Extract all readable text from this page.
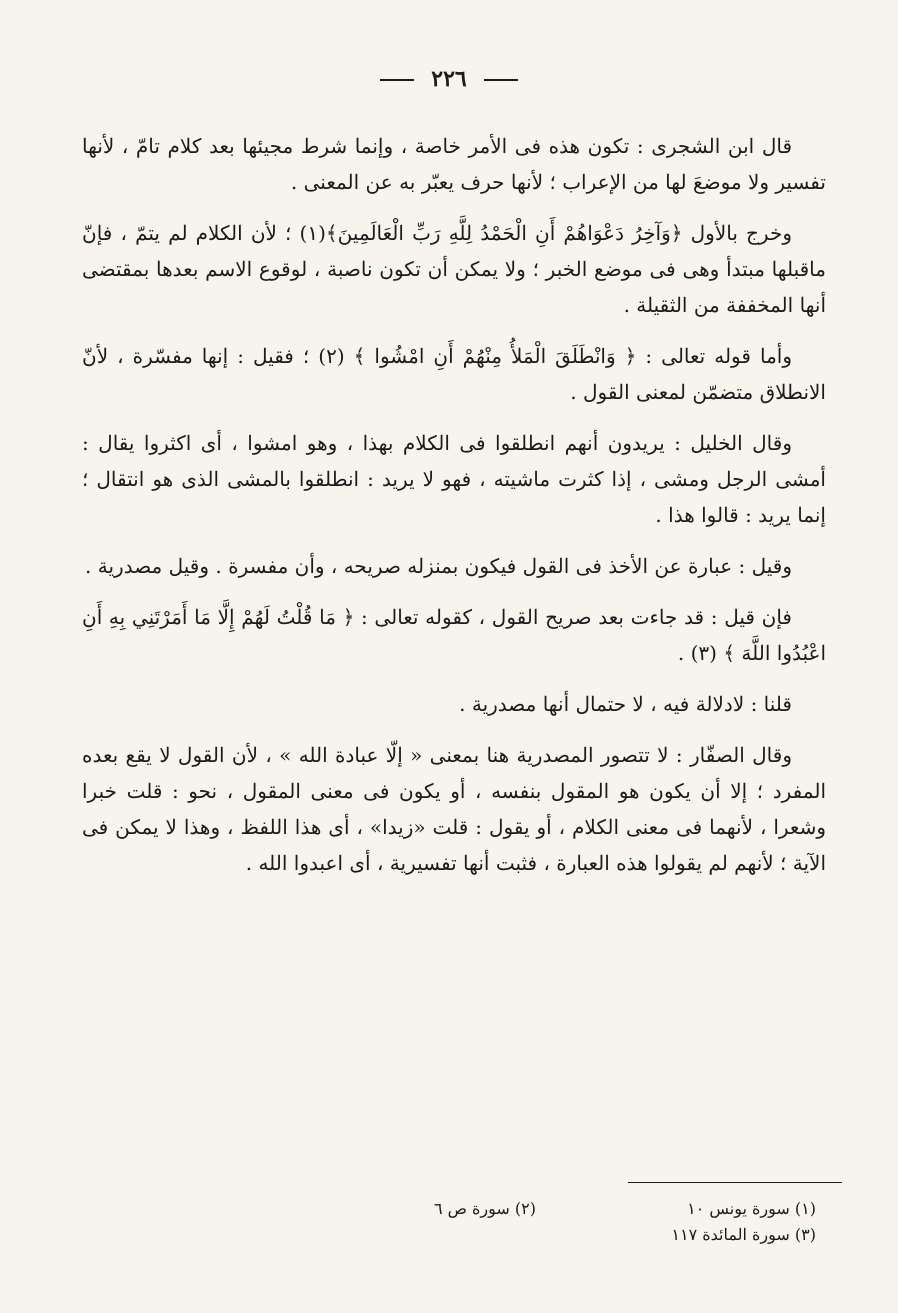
٢٢٦

قال ابن الشجرى : تكون هذه فى الأمر خاصة ، وإنما شرط مجيئها بعد كلام تامّ ، لأنها تفسير ولا موضعَ لها من الإعراب ؛ لأنها حرف يعبّر به عن المعنى .

وخرج بالأول ﴿وَآخِرُ دَعْوَاهُمْ أَنِ الْحَمْدُ لِلَّهِ رَبِّ الْعَالَمِينَ﴾(١) ؛ لأن الكلام لم يتمّ ، فإنّ ماقبلها مبتدأ وهى فى موضع الخبر ؛ ولا يمكن أن تكون ناصبة ، لوقوع الاسم بعدها بمقتضى أنها المخففة من الثقيلة .

وأما قوله تعالى : ﴿ وَانْطَلَقَ الْمَلأُ مِنْهُمْ أَنِ امْشُوا ﴾ (٢) ؛ فقيل : إنها مفسّرة ، لأنّ الانطلاق متضمّن لمعنى القول .

وقال الخليل : يريدون أنهم انطلقوا فى الكلام بهذا ، وهو امشوا ، أى اكثروا يقال : أمشى الرجل ومشى ، إذا كثرت ماشيته ، فهو لا يريد : انطلقوا بالمشى الذى هو انتقال ؛ إنما يريد : قالوا هذا .

وقيل : عبارة عن الأخذ فى القول فيكون بمنزله صريحه ، وأن مفسرة . وقيل مصدرية .

فإن قيل : قد جاءت بعد صريح القول ، كقوله تعالى : ﴿ مَا قُلْتُ لَهُمْ إِلَّا مَا أَمَرْتَنِي بِهِ أَنِ اعْبُدُوا اللَّهَ ﴾ (٣) .

قلنا : لادلالة فيه ، لا حتمال أنها مصدرية .

وقال الصفّار : لا تتصور المصدرية هنا بمعنى « إلّا عبادة الله » ، لأن القول لا يقع بعده المفرد ؛ إلا أن يكون هو المقول بنفسه ، أو يكون فى معنى المقول ، نحو : قلت خبرا وشعرا ، لأنهما فى معنى الكلام ، أو يقول : قلت «زيدا» ، أى هذا اللفظ ، وهذا لا يمكن فى الآية ؛ لأنهم لم يقولوا هذه العبارة ، فثبت أنها تفسيرية ، أى اعبدوا الله .

(١) سورة يونس ١٠
(٢) سورة ص ٦
(٣) سورة المائدة ١١٧
